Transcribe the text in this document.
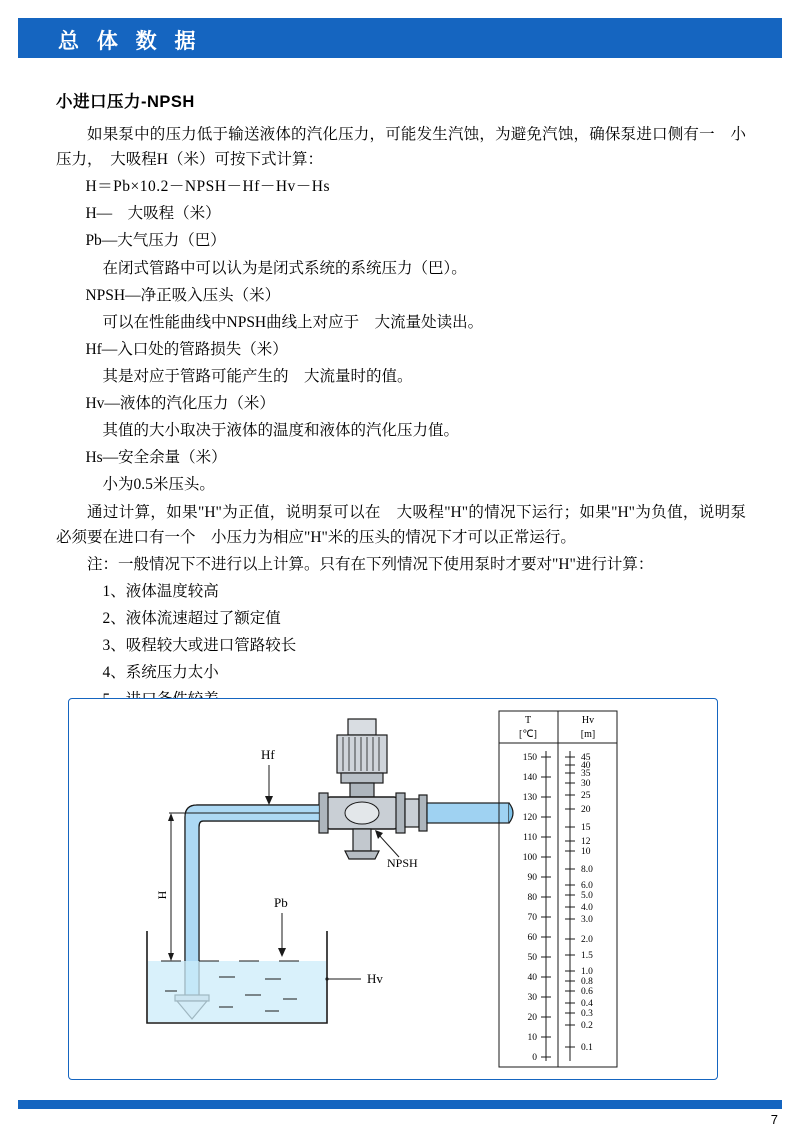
总 体 数 据
小进口压力-NPSH

如果泵中的压力低于输送液体的汽化压力，可能发生汽蚀，为避免汽蚀，确保泵进口侧有一　小压力，　大吸程H（米）可按下式计算：

H＝Pb×10.2－NPSH－Hf－Hv－Hs

H—　大吸程（米）

Pb—大气压力（巴）

在闭式管路中可以认为是闭式系统的系统压力（巴）。

NPSH—净正吸入压头（米）

可以在性能曲线中NPSH曲线上对应于　大流量处读出。

Hf—入口处的管路损失（米）

其是对应于管路可能产生的　大流量时的值。

Hv—液体的汽化压力（米）

其值的大小取决于液体的温度和液体的汽化压力值。

Hs—安全余量（米）

小为0.5米压头。

通过计算，如果"H"为正值，说明泵可以在　大吸程"H"的情况下运行；如果"H"为负值，说明泵必须要在进口有一个　小压力为相应"H"米的压头的情况下才可以正常运行。

注：一般情况下不进行以上计算。只有在下列情况下使用泵时才要对"H"进行计算：

1、液体温度较高

2、液体流速超过了额定值

3、吸程较大或进口管路较长

4、系统压力太小

H
Hf
NPSH
Pb
Hv
T
[℃]
Hv
[m]
150
140
130
120
110
100
90
80
70
60
50
40
30
20
10
0
45
40
35
30
25
20
15
12
10
8.0
6.0
5.0
4.0
3.0
2.0
1.5
1.0
0.8
0.6
0.4
0.3
0.2
0.1
7
